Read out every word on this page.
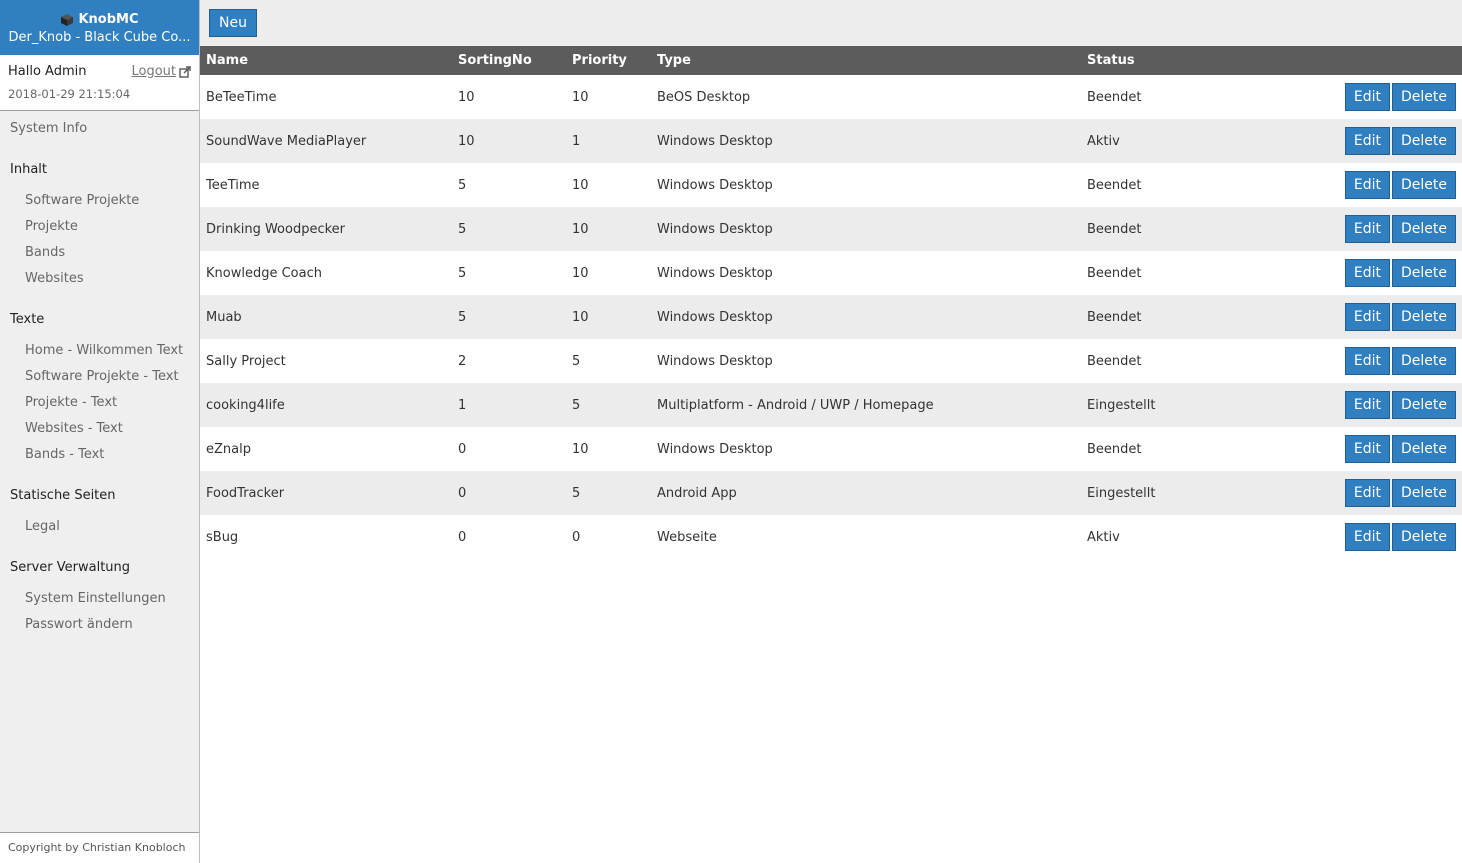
KnobMC
Der_Knob - Black Cube Co...
Hallo Admin	Logout
2018-01-29 21:15:04
System Info
Inhalt
Software Projekte
Projekte
Bands
Websites
Texte
Home - Wilkommen Text
Software Projekte - Text
Projekte - Text
Websites - Text
Bands - Text
Statische Seiten
Legal
Server Verwaltung
System Einstellungen
Passwort ändern
Copyright by Christian Knobloch
Neu
Name	SortingNo	Priority	Type	Status	
BeTeeTime	10	10	BeOS Desktop	Beendet	Edit Delete
SoundWave MediaPlayer	10	1	Windows Desktop	Aktiv	Edit Delete
TeeTime	5	10	Windows Desktop	Beendet	Edit Delete
Drinking Woodpecker	5	10	Windows Desktop	Beendet	Edit Delete
Knowledge Coach	5	10	Windows Desktop	Beendet	Edit Delete
Muab	5	10	Windows Desktop	Beendet	Edit Delete
Sally Project	2	5	Windows Desktop	Beendet	Edit Delete
cooking4life	1	5	Multiplatform - Android / UWP / Homepage	Eingestellt	Edit Delete
eZnalp	0	10	Windows Desktop	Beendet	Edit Delete
FoodTracker	0	5	Android App	Eingestellt	Edit Delete
sBug	0	0	Webseite	Aktiv	Edit Delete
